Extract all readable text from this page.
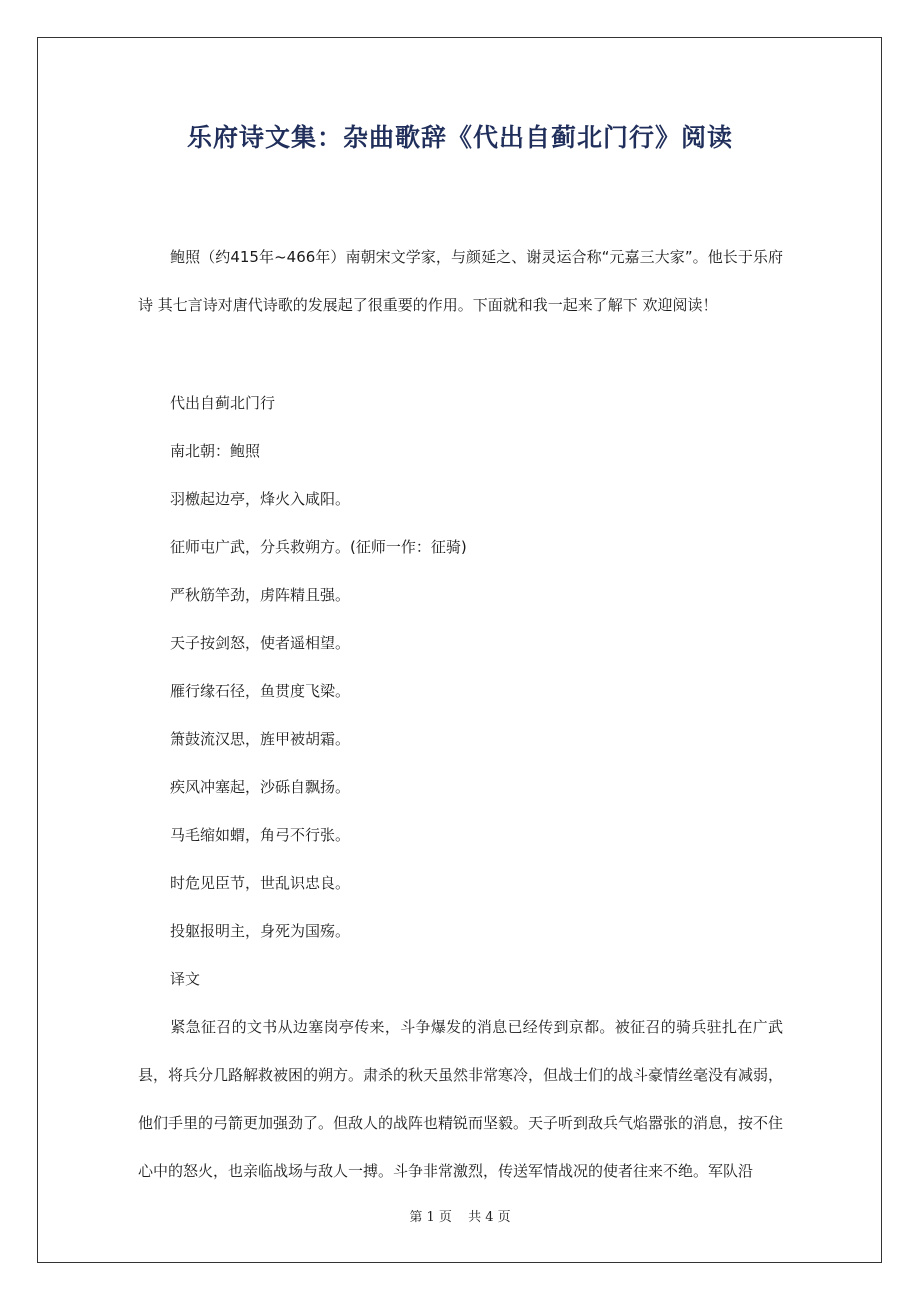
乐府诗文集：杂曲歌辞《代出自蓟北门行》阅读

鲍照（约415年~466年）南朝宋文学家，与颜延之、谢灵运合称“元嘉三大家”。他长于乐府诗 其七言诗对唐代诗歌的发展起了很重要的作用。下面就和我一起来了解下 欢迎阅读！

代出自蓟北门行

南北朝：鲍照

羽檄起边亭，烽火入咸阳。

征师屯广武，分兵救朔方。(征师一作：征骑)

严秋筋竿劲，虏阵精且强。

天子按剑怒，使者遥相望。

雁行缘石径，鱼贯度飞梁。

箫鼓流汉思，旌甲被胡霜。

疾风冲塞起，沙砾自飘扬。

马毛缩如蝟，角弓不行张。

时危见臣节，世乱识忠良。

投躯报明主，身死为国殇。

译文

紧急征召的文书从边塞岗亭传来，斗争爆发的消息已经传到京都。被征召的骑兵驻扎在广武县，将兵分几路解救被困的朔方。肃杀的秋天虽然非常寒冷，但战士们的战斗豪情丝毫没有减弱，他们手里的弓箭更加强劲了。但敌人的战阵也精锐而坚毅。天子听到敌兵气焰嚣张的消息，按不住心中的怒火，也亲临战场与敌人一搏。斗争非常激烈，传送军情战况的使者往来不绝。军队沿

第 1 页 共 4 页
